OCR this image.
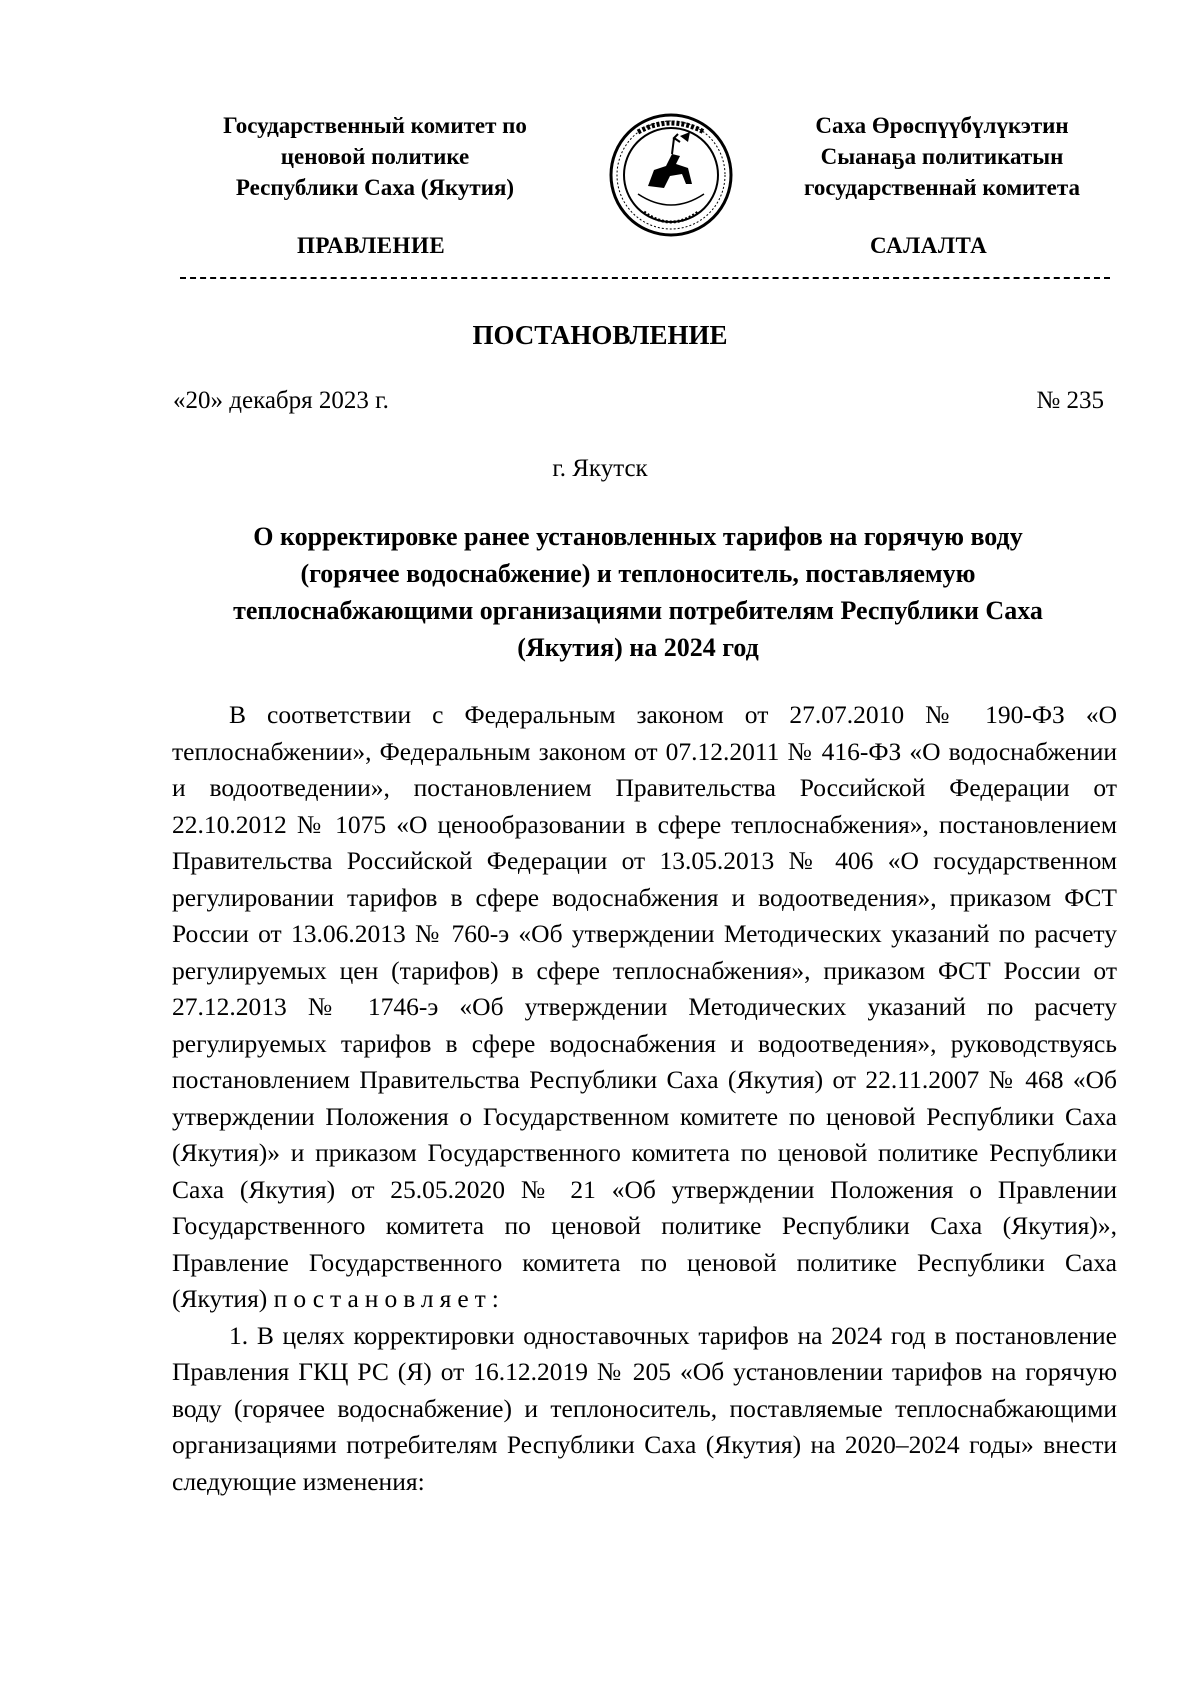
Государственный комитет по
ценовой политике
Республики Саха (Якутия)
Саха Өрөспүүбүлүкэтин
Сыанаҕа политикатын
государственнай комитета
ПРАВЛЕНИЕ	САЛАЛТА
ПОСТАНОВЛЕНИЕ
«20» декабря 2023 г.	№ 235
г. Якутск
О корректировке ранее установленных тарифов на горячую воду
(горячее водоснабжение) и теплоноситель, поставляемую
теплоснабжающими организациями потребителям Республики Саха
(Якутия) на 2024 год

В соответствии с Федеральным законом от 27.07.2010 № 190-ФЗ «О теплоснабжении», Федеральным законом от 07.12.2011 № 416-ФЗ «О водоснабжении и водоотведении», постановлением Правительства Российской Федерации от 22.10.2012 № 1075 «О ценообразовании в сфере теплоснабжения», постановлением Правительства Российской Федерации от 13.05.2013 № 406 «О государственном регулировании тарифов в сфере водоснабжения и водоотведения», приказом ФСТ России от 13.06.2013 № 760-э «Об утверждении Методических указаний по расчету регулируемых цен (тарифов) в сфере теплоснабжения», приказом ФСТ России от 27.12.2013 № 1746-э «Об утверждении Методических указаний по расчету регулируемых тарифов в сфере водоснабжения и водоотведения», руководствуясь постановлением Правительства Республики Саха (Якутия) от 22.11.2007 № 468 «Об утверждении Положения о Государственном комитете по ценовой Республики Саха (Якутия)» и приказом Государственного комитета по ценовой политике Республики Саха (Якутия) от 25.05.2020 № 21 «Об утверждении Положения о Правлении Государственного комитета по ценовой политике Республики Саха (Якутия)», Правление Государственного комитета по ценовой политике Республики Саха (Якутия) постановляет:

1. В целях корректировки одноставочных тарифов на 2024 год в постановление Правления ГКЦ РС (Я) от 16.12.2019 № 205 «Об установлении тарифов на горячую воду (горячее водоснабжение) и теплоноситель, поставляемые теплоснабжающими организациями потребителям Республики Саха (Якутия) на 2020–2024 годы» внести следующие изменения:
